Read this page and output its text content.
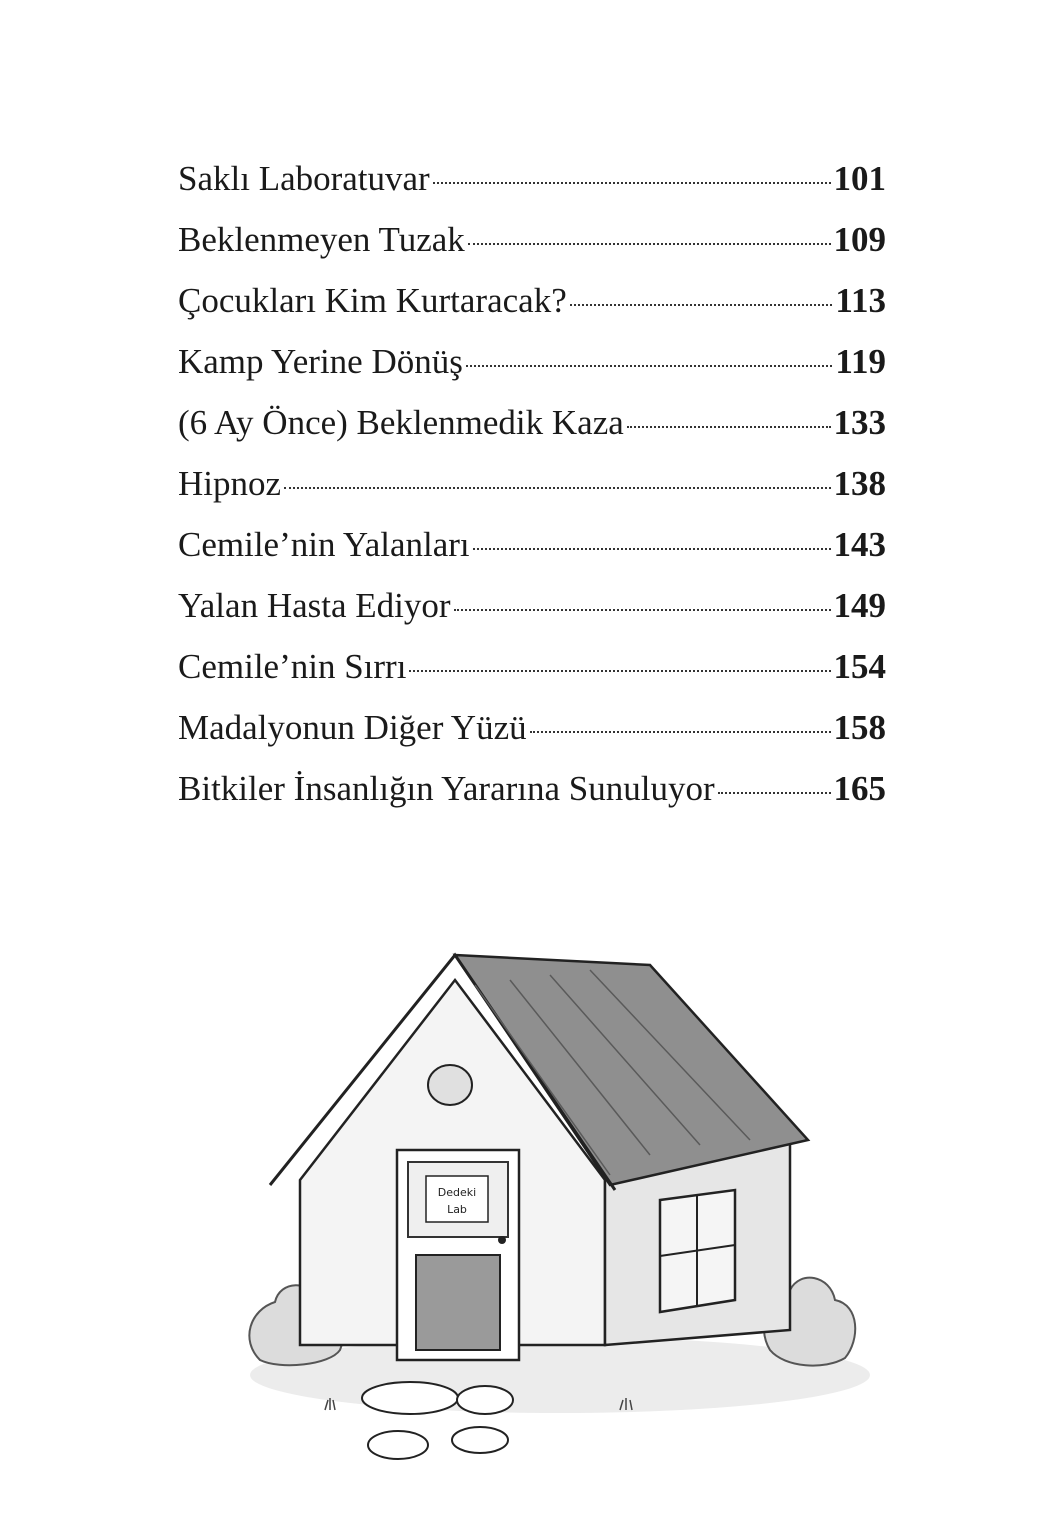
Saklı Laboratuvar	101
Beklenmeyen Tuzak	109
Çocukları Kim Kurtaracak?	113
Kamp Yerine Dönüş	119
(6 Ay Önce) Beklenmedik Kaza	133
Hipnoz	138
Cemile’nin Yalanları	143
Yalan Hasta Ediyor	149
Cemile’nin Sırrı	154
Madalyonun Diğer Yüzü	158
Bitkiler İnsanlığın Yararına Sunuluyor	165
Dedeki
Lab
